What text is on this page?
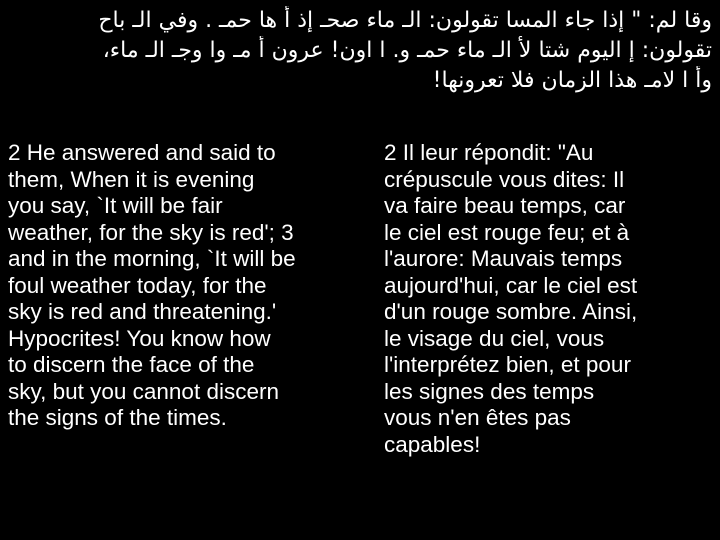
وقا لم: " إذا جاء المسا تقولون: الـ ماء صحـ إذ أ ها حمـ . وفي الـ باح
تقولون: إ اليوم شتا لأ الـ ماء حمـ و. ا اون! عرون أ مـ وا وجـ الـ ماء،
وأ ا لامـ هذا الزمان فلا تعرونها!
2 He answered and said to
them, When it is evening
you say, `It will be fair
weather, for the sky is red'; 3
and in the morning, `It will be
foul weather today, for the
sky is red and threatening.'
Hypocrites! You know how
to discern the face of the
sky, but you cannot discern
the signs of the times.
2 Il leur répondit: "Au
crépuscule vous dites: Il
va faire beau temps, car
le ciel est rouge feu; et à
l'aurore: Mauvais temps
aujourd'hui, car le ciel est
d'un rouge sombre. Ainsi,
le visage du ciel, vous
l'interprétez bien, et pour
les signes des temps
vous n'en êtes pas
capables!
